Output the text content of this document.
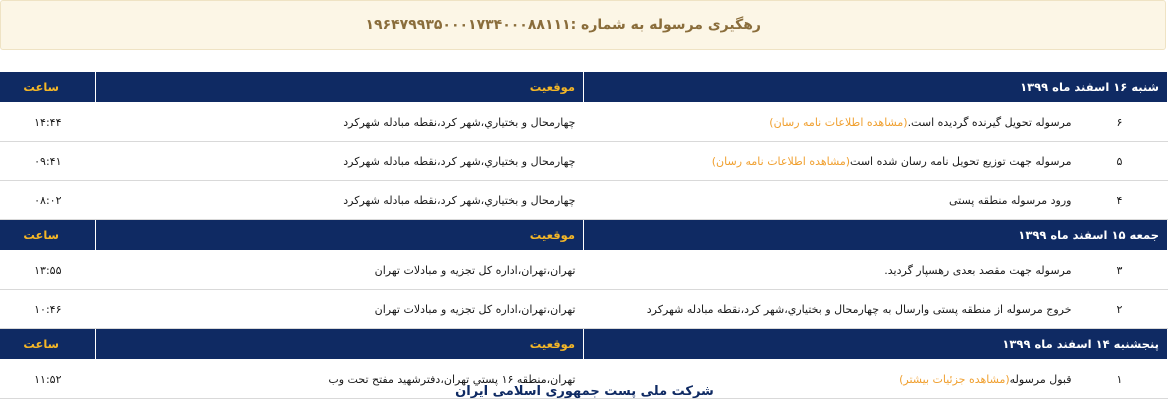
رهگیری مرسوله به شماره :۱۹۶۴۷۹۹۳۵۰۰۰۱۷۳۴۰۰۰۸۸۱۱۱
شنبه ۱۶ اسفند ماه ۱۳۹۹		موقعیت	ساعت
۶	مرسوله تحویل گیرنده گردیده است.(مشاهده اطلاعات نامه رسان)	چهارمحال و بختياري،شهر كرد،نقطه مبادله شهركرد	۱۴:۴۴
۵	مرسوله جهت توزیع تحویل نامه رسان شده است(مشاهده اطلاعات نامه رسان)	چهارمحال و بختياري،شهر كرد،نقطه مبادله شهركرد	۰۹:۴۱
۴	ورود مرسوله منطقه پستی	چهارمحال و بختياري،شهر كرد،نقطه مبادله شهركرد	۰۸:۰۲
جمعه ۱۵ اسفند ماه ۱۳۹۹		موقعیت	ساعت
۳	مرسوله جهت مقصد بعدی رهسپار گردید.	تهران،تهران،اداره كل تجزيه و مبادلات تهران	۱۳:۵۵
۲	خروج مرسوله از منطقه پستی وارسال به چهارمحال و بختياري،شهر كرد،نقطه مبادله شهركرد	تهران،تهران،اداره كل تجزيه و مبادلات تهران	۱۰:۴۶
پنجشنبه ۱۴ اسفند ماه ۱۳۹۹		موقعیت	ساعت
۱	قبول مرسوله(مشاهده جزئیات بیشتر)	تهران،منطقه ۱۶ پستي تهران،دفترشهيد مفتح تحت وب	۱۱:۵۲
شرکت ملی پست جمهوری اسلامی ایران
